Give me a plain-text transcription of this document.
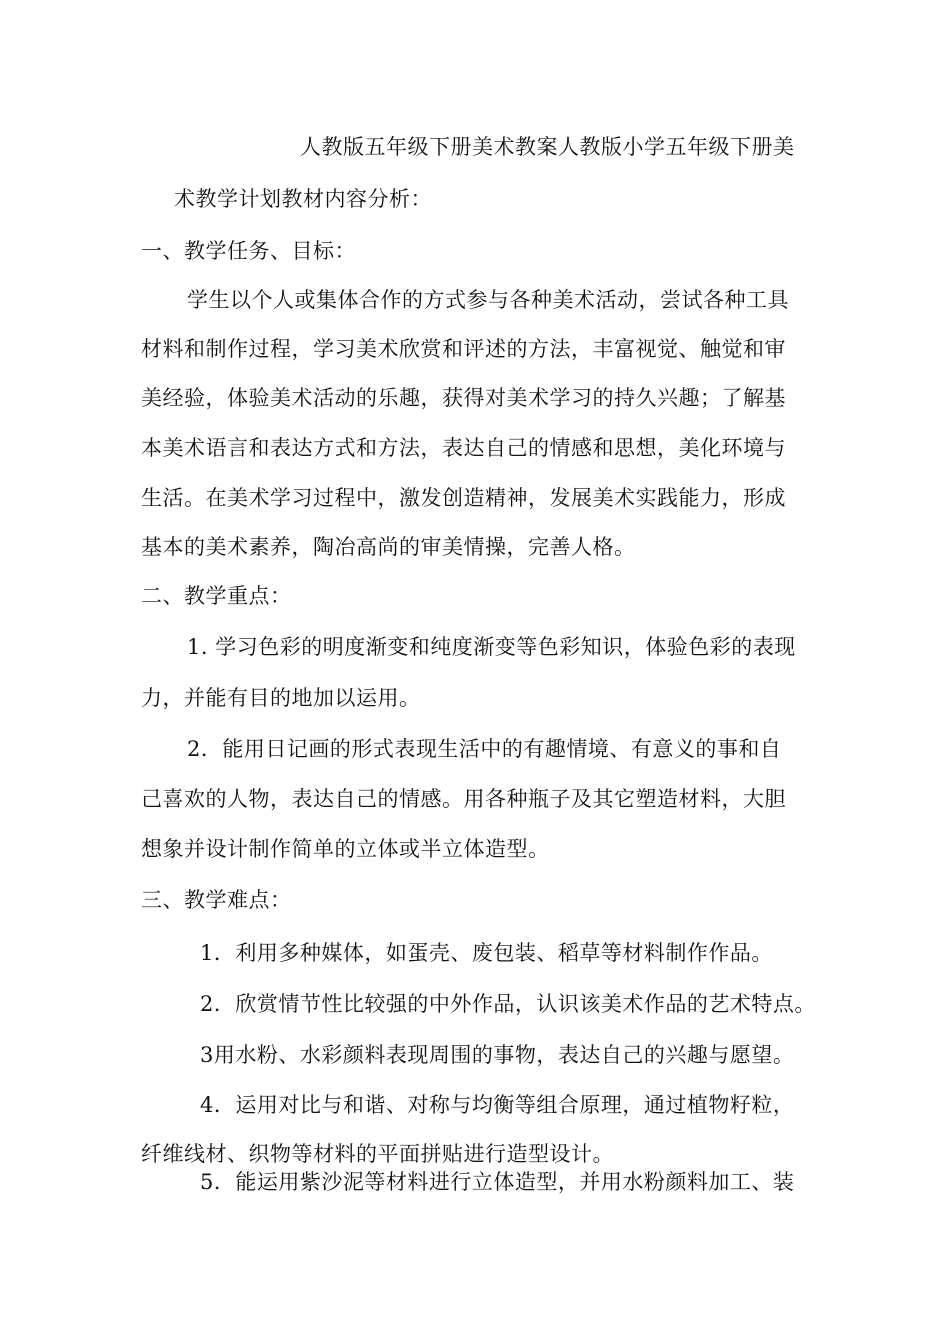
人教版五年级下册美术教案人教版小学五年级下册美
术教学计划教材内容分析：
一、教学任务、目标：
学生以个人或集体合作的方式参与各种美术活动，尝试各种工具
材料和制作过程，学习美术欣赏和评述的方法，丰富视觉、触觉和审
美经验，体验美术活动的乐趣，获得对美术学习的持久兴趣；了解基
本美术语言和表达方式和方法，表达自己的情感和思想，美化环境与
生活。在美术学习过程中，激发创造精神，发展美术实践能力，形成
基本的美术素养，陶冶高尚的审美情操，完善人格。
二、教学重点：
1. 学习色彩的明度渐变和纯度渐变等色彩知识，体验色彩的表现
力，并能有目的地加以运用。
2．能用日记画的形式表现生活中的有趣情境、有意义的事和自
己喜欢的人物，表达自己的情感。用各种瓶子及其它塑造材料，大胆
想象并设计制作简单的立体或半立体造型。
三、教学难点：
1．利用多种媒体，如蛋壳、废包装、稻草等材料制作作品。
2．欣赏情节性比较强的中外作品，认识该美术作品的艺术特点。
3用水粉、水彩颜料表现周围的事物，表达自己的兴趣与愿望。
4．运用对比与和谐、对称与均衡等组合原理，通过植物籽粒，
纤维线材、织物等材料的平面拼贴进行造型设计。
5．能运用紫沙泥等材料进行立体造型，并用水粉颜料加工、装
